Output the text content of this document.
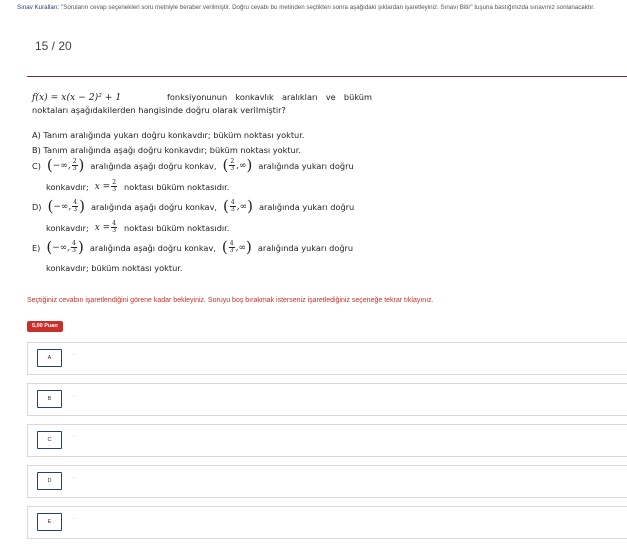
Sınav Kuralları: "Soruların cevap seçenekleri soru metniyle beraber verilmiştir. Doğru cevabı bu metinden seçtikten sonra aşağıdaki şıklardan işaretleyiniz. Sınavı Bitir" tuşuna bastığınızda sınavınız sonlanacaktır.
15 / 20
f(x) = x(x − 2)² + 1	fonksiyonunun konkavlık aralıkları ve büküm
noktaları aşağıdakilerden hangisinde doğru olarak verilmiştir?
A) Tanım aralığında yukarı doğru konkavdır; büküm noktası yoktur.
B) Tanım aralığında aşağı doğru konkavdır; büküm noktası yoktur.
C) ( −∞, $\frac{2}{3}$ ) aralığında aşağı doğru konkav, ( $\frac{2}{3}$ ,∞ ) aralığında yukarı doğru
konkavdır; $x = \frac{2}{3}$ noktası büküm noktasıdır.
D) ( −∞, $\frac{4}{3}$ ) aralığında aşağı doğru konkav, ( $\frac{4}{3}$ ,∞ ) aralığında yukarı doğru
konkavdır; $x = \frac{4}{3}$ noktası büküm noktasıdır.
E) ( −∞, $\frac{4}{3}$ ) aralığında aşağı doğru konkav, ( $\frac{4}{3}$ ,∞ ) aralığında yukarı doğru
konkavdır; büküm noktası yoktur.
Seçtiğiniz cevabın işaretlendiğini görene kadar bekleyiniz. Soruyu boş bırakmak isterseniz işaretlediğiniz seçeneğe tekrar tıklayınız.
5,00 Puan
A
.
B
.
C
.
D
.
E
.
